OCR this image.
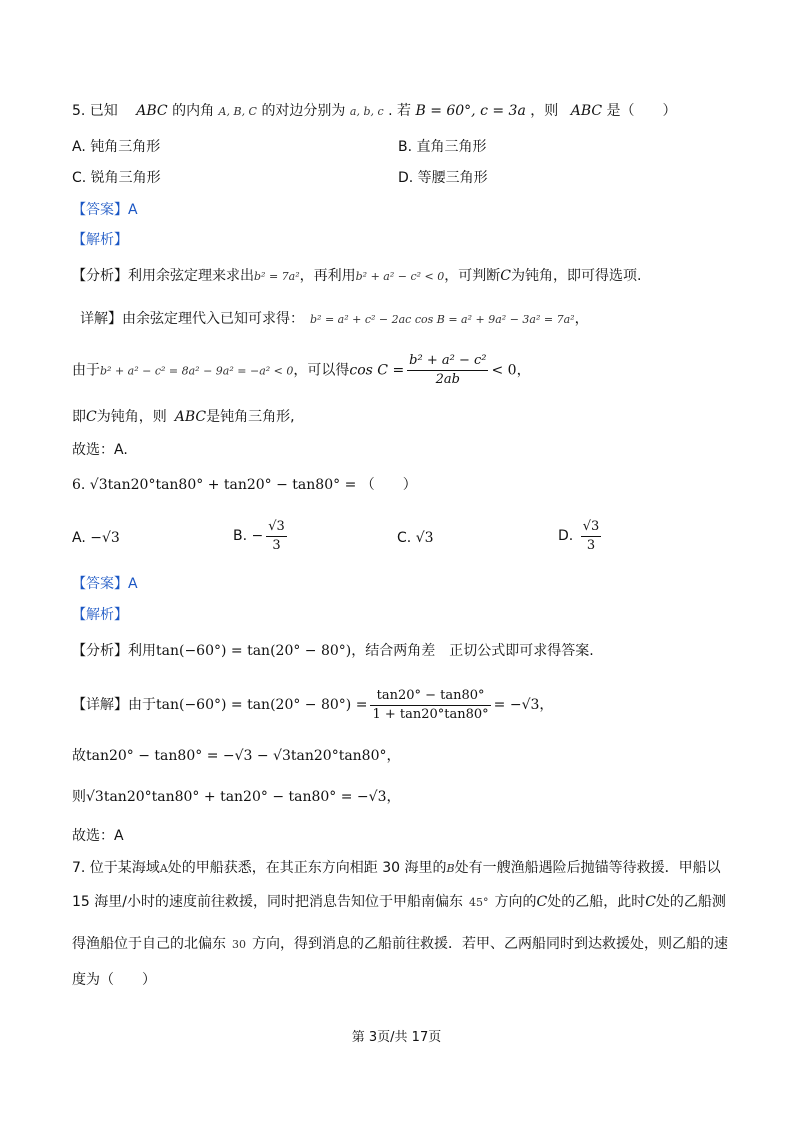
5. 已知 ABC 的内角 A, B, C 的对边分别为 a, b, c . 若 B = 60°, c = 3a ，则 ABC 是（　　）
A. 钝角三角形	B. 直角三角形
C. 锐角三角形	D. 等腰三角形
【答案】A
【解析】
【分析】利用余弦定理来求出b² = 7a²，再利用b² + a² − c² < 0，可判断C为钝角，即可得选项.
详解】由余弦定理代入已知可求得： b² = a² + c² − 2ac cos B = a² + 9a² − 3a² = 7a²，
由于b² + a² − c² = 8a² − 9a² = −a² < 0，可以得$\cos C = \frac{\text{b² + a² − c²}}{2ab} < 0$，
即C为钝角，则 ABC是钝角三角形,
故选：A.
6. √3tan20°tan80° + tan20° − tan80° = （　　）
A. −√3	B. − $\frac{√3}{3}$	C. √3	D. $\frac{√3}{3}$
【答案】A
【解析】
【分析】利用tan(−60°) = tan(20° − 80°)，结合两角差　正切公式即可求得答案.
【详解】由于$\tan(-60^\circ) = \tan(20^\circ - 80^\circ) = \frac{\tan 20^\circ - \tan 80^\circ}{1 + \tan 20^\circ\tan 80^\circ} = -√3$，
故tan20° − tan80° = −√3 − √3tan20°tan80°，
则√3tan20°tan80° + tan20° − tan80° = −√3，
故选：A
7. 位于某海域A处的甲船获悉，在其正东方向相距 30 海里的B处有一艘渔船遇险后抛锚等待救援．甲船以
15 海里/小时的速度前往救援，同时把消息告知位于甲船南偏东 45° 方向的C处的乙船，此时C处的乙船测
得渔船位于自己的北偏东 30 方向，得到消息的乙船前往救援．若甲、乙两船同时到达救援处，则乙船的速
度为（　　）
第 3页/共 17页
